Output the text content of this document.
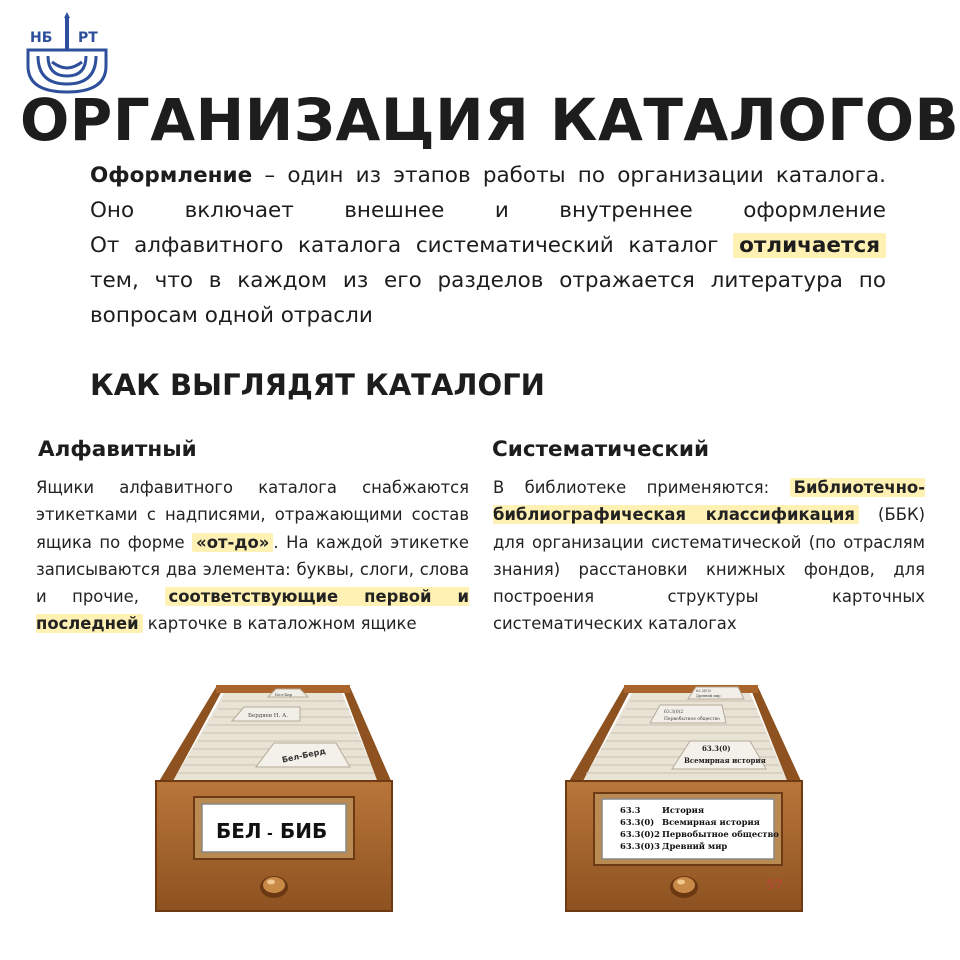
НБ РТ
ОРГАНИЗАЦИЯ КАТАЛОГОВ

Оформление – один из этапов работы по организации каталога. Оно включает внешнее и внутреннее оформление

От алфавитного каталога систематический каталог отличается тем, что в каждом из его разделов отражается литература по вопросам одной отрасли

КАК ВЫГЛЯДЯТ КАТАЛОГИ
Алфавитный	Систематический

Ящики алфавитного каталога снабжаются этикетками с надписями, отражающими состав ящика по форме «от-до» . На каждой этикетке записываются два элемента: буквы, слоги, слова и прочие, соответствующие первой и последней карточке в каталожном ящике

В библиотеке применяются: Библиотечно-библиографическая классификация (ББК) для организации систематической (по отраслям знания) расстановки книжных фондов, для построения структуры карточных систематических каталогах

Бел-Бир
Бердяев Н. А.
Бел-Берд
БЕЛ - БИБ
63.3(0)3
Древний мир
63.3(0)2
Первобытное общество
63.3(0)
Всемирная история
63.3	История
63.3(0) Всемирная история
63.3(0)2 Первобытное общество
63.3(0)3 Древний мир
57
